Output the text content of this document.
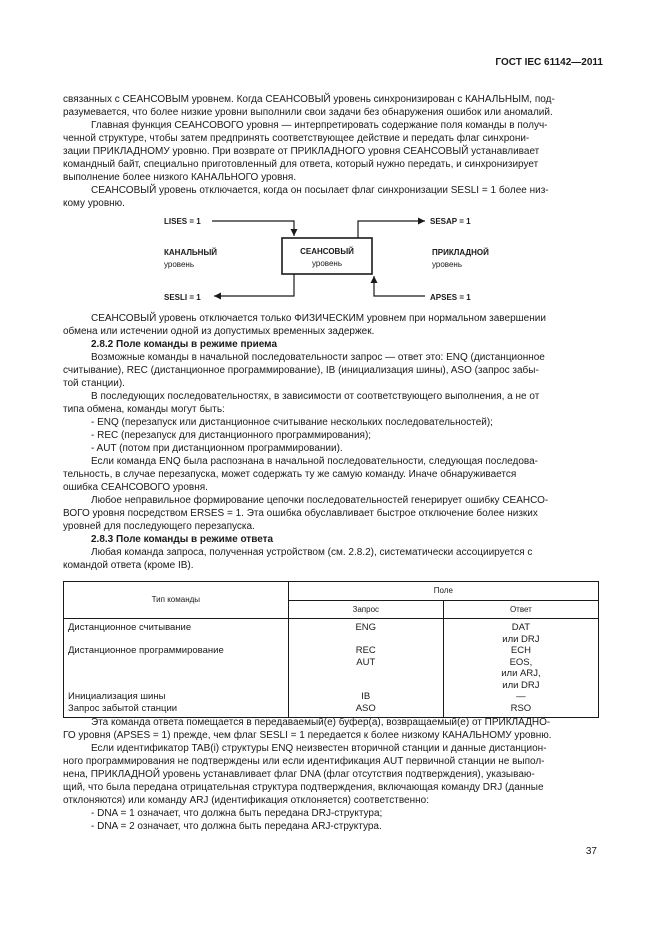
ГОСТ IEC 61142—2011
связанных с СЕАНСОВЫМ уровнем. Когда СЕАНСОВЫЙ уровень синхронизирован с КАНАЛЬНЫМ, под-
разумевается, что более низкие уровни выполнили свои задачи без обнаружения ошибок или аномалий.
Главная функция СЕАНСОВОГО уровня — интерпретировать содержание поля команды в получ-
ченной структуре, чтобы затем предпринять соответствующее действие и передать флаг синхрони-
зации ПРИКЛАДНОМУ уровню. При возврате от ПРИКЛАДНОГО уровня СЕАНСОВЫЙ устанавливает
командный байт, специально приготовленный для ответа, который нужно передать, и синхронизирует
выполнение более низкого КАНАЛЬНОГО уровня.
СЕАНСОВЫЙ уровень отключается, когда он посылает флаг синхронизации SESLI = 1 более низ-
кому уровню.
СЕАНСОВЫЙ
уровень
LISES = 1	SESAP = 1
КАНАЛЬНЫЙ
уровень
ПРИКЛАДНОЙ
уровень
SESLI = 1	APSES = 1
СЕАНСОВЫЙ уровень отключается только ФИЗИЧЕСКИМ уровнем при нормальном завершении
обмена или истечении одной из допустимых временных задержек.
2.8.2 Поле команды в режиме приема
Возможные команды в начальной последовательности запрос — ответ это: ENQ (дистанционное
считывание), REC (дистанционное программирование), IB (инициализация шины), ASO (запрос забы-
той станции).
В последующих последовательностях, в зависимости от соответствующего выполнения, а не от
типа обмена, команды могут быть:
- ENQ (перезапуск или дистанционное считывание нескольких последовательностей);
- REC (перезапуск для дистанционного программирования);
- AUT (потом при дистанционном программировании).
Если команда ENQ была распознана в начальной последовательности, следующая последова-
тельность, в случае перезапуска, может содержать ту же самую команду. Иначе обнаруживается
ошибка СЕАНСОВОГО уровня.
Любое неправильное формирование цепочки последовательностей генерирует ошибку СЕАНСО-
ВОГО уровня посредством ERSES = 1. Эта ошибка обуславливает быстрое отключение более низких
уровней для последующего перезапуска.
2.8.3 Поле команды в режиме ответа
Любая команда запроса, полученная устройством (см. 2.8.2), систематически ассоциируется с
командой ответа (кроме IB).
Тип команды	Поле	
	Запрос	Ответ
Дистанционное считывание	ENG	DAT
		или DRJ
Дистанционное программирование	REC	ECH
	AUT	EOS,
		или ARJ,
		или DRJ
Инициализация шины	IB	—
Запрос забытой станции	ASO	RSO
Эта команда ответа помещается в передаваемый(е) буфер(а), возвращаемый(е) от ПРИКЛАДНО-
ГО уровня (APSES = 1) прежде, чем флаг SESLI = 1 передается к более низкому КАНАЛЬНОМУ уровню.
Если идентификатор TAB(i) структуры ENQ неизвестен вторичной станции и данные дистанцион-
ного программирования не подтверждены или если идентификация AUT первичной станции не выпол-
нена, ПРИКЛАДНОЙ уровень устанавливает флаг DNA (флаг отсутствия подтверждения), указываю-
щий, что была передана отрицательная структура подтверждения, включающая команду DRJ (данные
отклоняются) или команду ARJ (идентификация отклоняется) соответственно:
- DNA = 1 означает, что должна быть передана DRJ-структура;
- DNA = 2 означает, что должна быть передана ARJ-структура.
37
